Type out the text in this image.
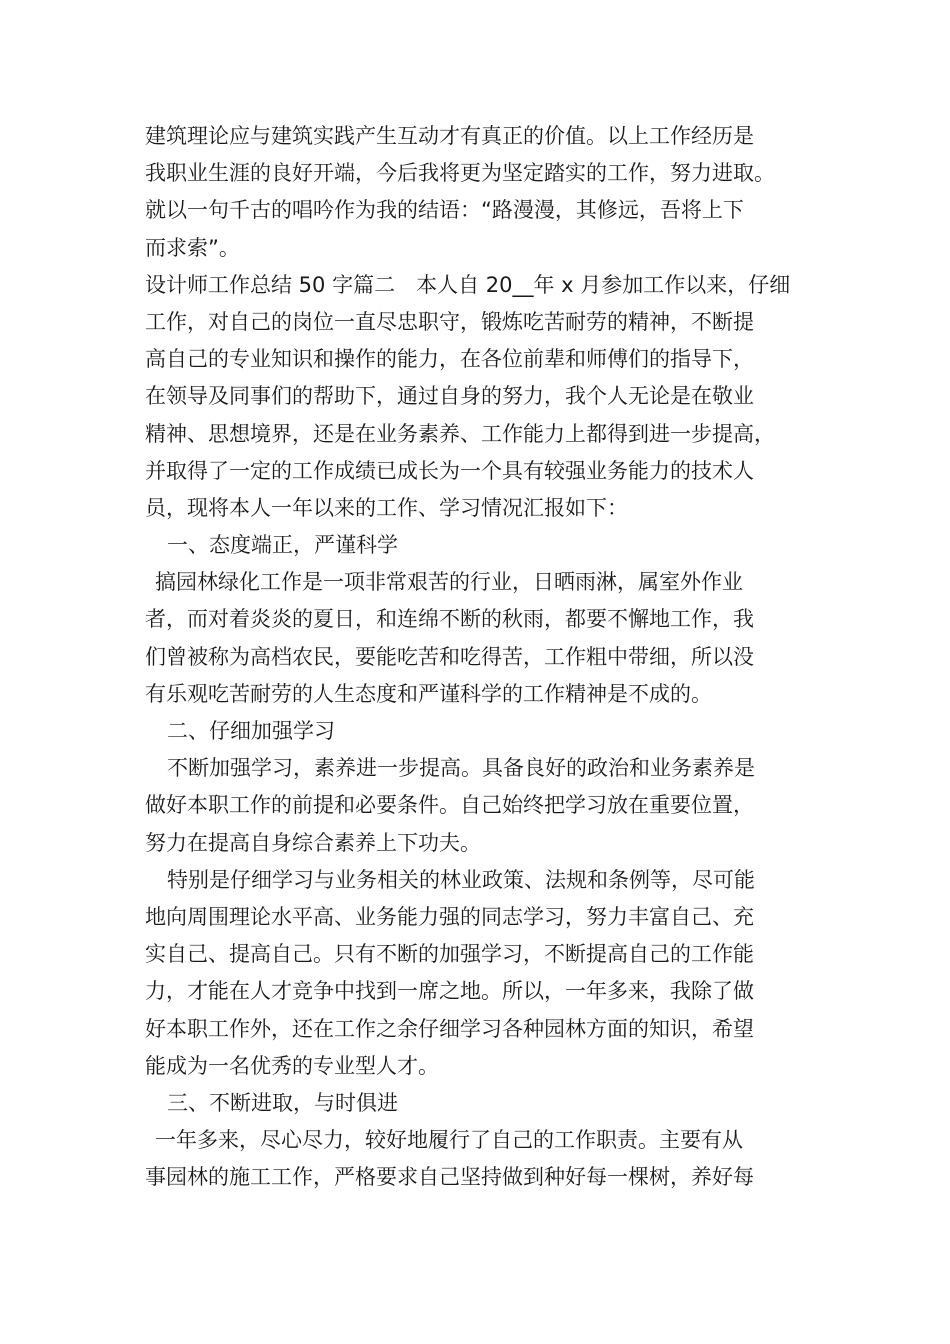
建筑理论应与建筑实践产生互动才有真正的价值。以上工作经历是
我职业生涯的良好开端，今后我将更为坚定踏实的工作，努力进取。
就以一句千古的唱吟作为我的结语：“路漫漫，其修远，吾将上下
而求索”。
设计师工作总结 50 字篇二　本人自 20__年 x 月参加工作以来，仔细
工作，对自己的岗位一直尽忠职守，锻炼吃苦耐劳的精神，不断提
高自己的专业知识和操作的能力，在各位前辈和师傅们的指导下，
在领导及同事们的帮助下，通过自身的努力，我个人无论是在敬业
精神、思想境界，还是在业务素养、工作能力上都得到进一步提高，
并取得了一定的工作成绩已成长为一个具有较强业务能力的技术人
员，现将本人一年以来的工作、学习情况汇报如下：
一、态度端正，严谨科学
搞园林绿化工作是一项非常艰苦的行业，日晒雨淋，属室外作业
者，而对着炎炎的夏日，和连绵不断的秋雨，都要不懈地工作，我
们曾被称为高档农民，要能吃苦和吃得苦，工作粗中带细，所以没
有乐观吃苦耐劳的人生态度和严谨科学的工作精神是不成的。
二、仔细加强学习
不断加强学习，素养进一步提高。具备良好的政治和业务素养是
做好本职工作的前提和必要条件。自己始终把学习放在重要位置，
努力在提高自身综合素养上下功夫。
特别是仔细学习与业务相关的林业政策、法规和条例等，尽可能
地向周围理论水平高、业务能力强的同志学习，努力丰富自己、充
实自己、提高自己。只有不断的加强学习，不断提高自己的工作能
力，才能在人才竞争中找到一席之地。所以，一年多来，我除了做
好本职工作外，还在工作之余仔细学习各种园林方面的知识，希望
能成为一名优秀的专业型人才。
三、不断进取，与时俱进
一年多来，尽心尽力，较好地履行了自己的工作职责。主要有从
事园林的施工工作，严格要求自己坚持做到种好每一棵树，养好每
